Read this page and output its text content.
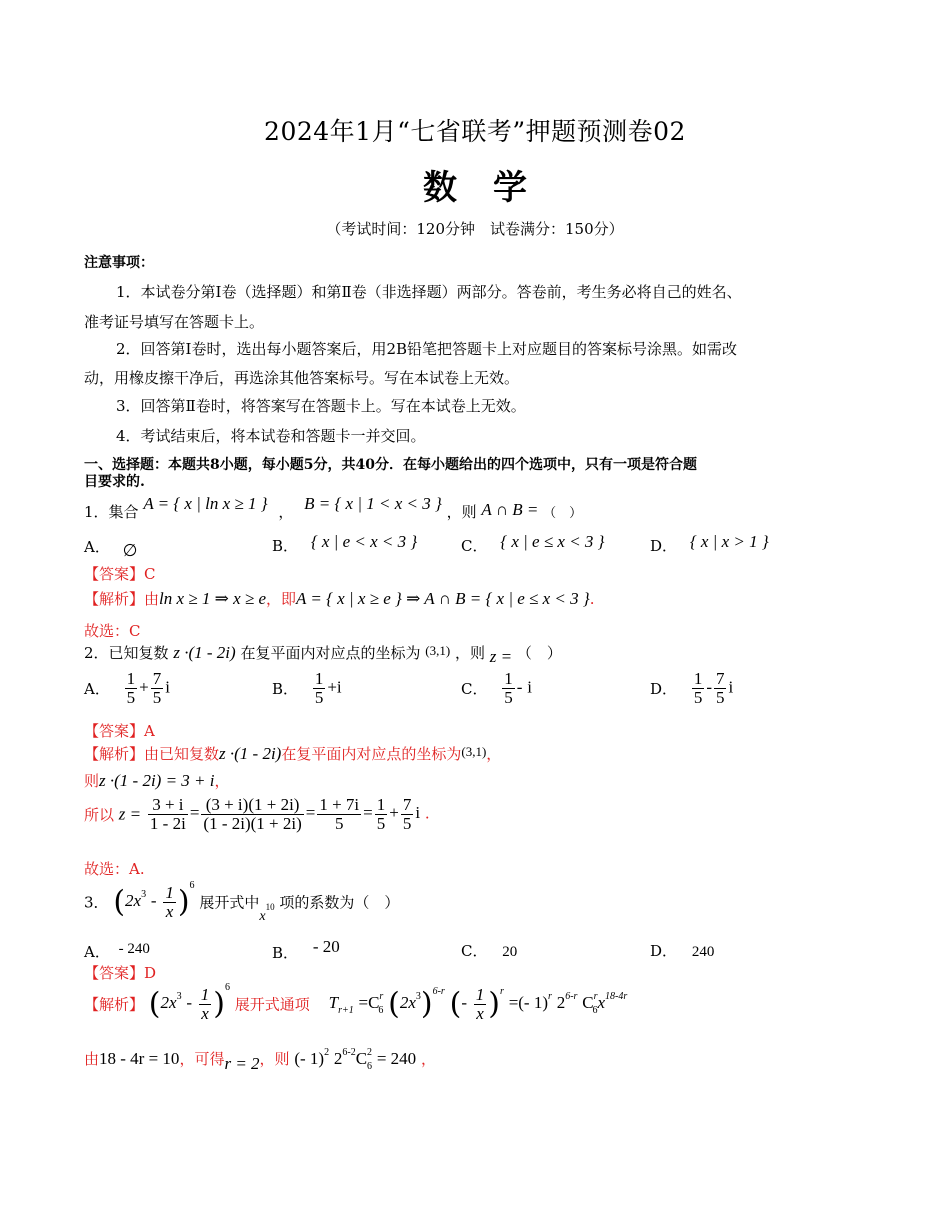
2024年1月“七省联考”押题预测卷02
数学
（考试时间：120分钟　试卷满分：150分）
注意事项：
1．本试卷分第Ⅰ卷（选择题）和第Ⅱ卷（非选择题）两部分。答卷前，考生务必将自己的姓名、
准考证号填写在答题卡上。
2．回答第Ⅰ卷时，选出每小题答案后，用2B铅笔把答题卡上对应题目的答案标号涂黑。如需改
动，用橡皮擦干净后，再选涂其他答案标号。写在本试卷上无效。
3．回答第Ⅱ卷时，将答案写在答题卡上。写在本试卷上无效。
4．考试结束后，将本试卷和答题卡一并交回。
一、选择题：本题共8小题，每小题5分，共40分．在每小题给出的四个选项中，只有一项是符合题
目要求的.
1．集合 A = { x | ln x ≥ 1 } ， B = { x | 1 < x < 3 } ，则 A ∩ B = （　）
A． ∅	B． { x | e < x < 3 }	C． { x | e ≤ x < 3 }	D． { x | x > 1 }
【答案】C
【解析】由ln x ≥ 1 ⇒ x ≥ e，即A = { x | x ≥ e } ⇒ A ∩ B = { x | e ≤ x < 3 }.
故选：C
2．已知复数 z ·(1 - 2i) 在复平面内对应点的坐标为 (3,1) ，则 z = （　）
A． $\frac{1}{5} + \frac{7}{5}$ i	B． $\frac{1}{5} +i$	C． $\frac{1}{5}$ - i	D． $\frac{1}{5} - \frac{7}{5}$ i
【答案】A
【解析】由已知复数z ·(1 - 2i)在复平面内对应点的坐标为(3,1)，
则z ·(1 - 2i) = 3 + i，
所以 $z = \frac{3 + i}{1 - 2i} = \frac{(3 + i)(1 + 2i)}{(1 - 2i)(1 + 2i)} = \frac{1 + 7i}{5} = \frac{1}{5} + \frac{7}{5}$ i .
故选：A.
3． $(2x^3 - \frac{1}{x} )^6$ 展开式中$x^{10}$ 项的系数为（　）
A． - 240	B． - 20	C． 20	D． 240
【答案】D
【解析】 $(2x^3 - \frac{1}{x} )^6$ 展开式通项 $T_{r+1} =C^r_6$ $(2x^3)^{6-r}$ (- $\frac{1}{x} )^r$ =(- 1)$^r$ 2$^{6-r}$ $C^r_6x^{18-4r}$
由18 - 4r = 10，可得r = 2，则 (- 1)$^2$ $2^{6-2}C^2_6 = 240$ ，
